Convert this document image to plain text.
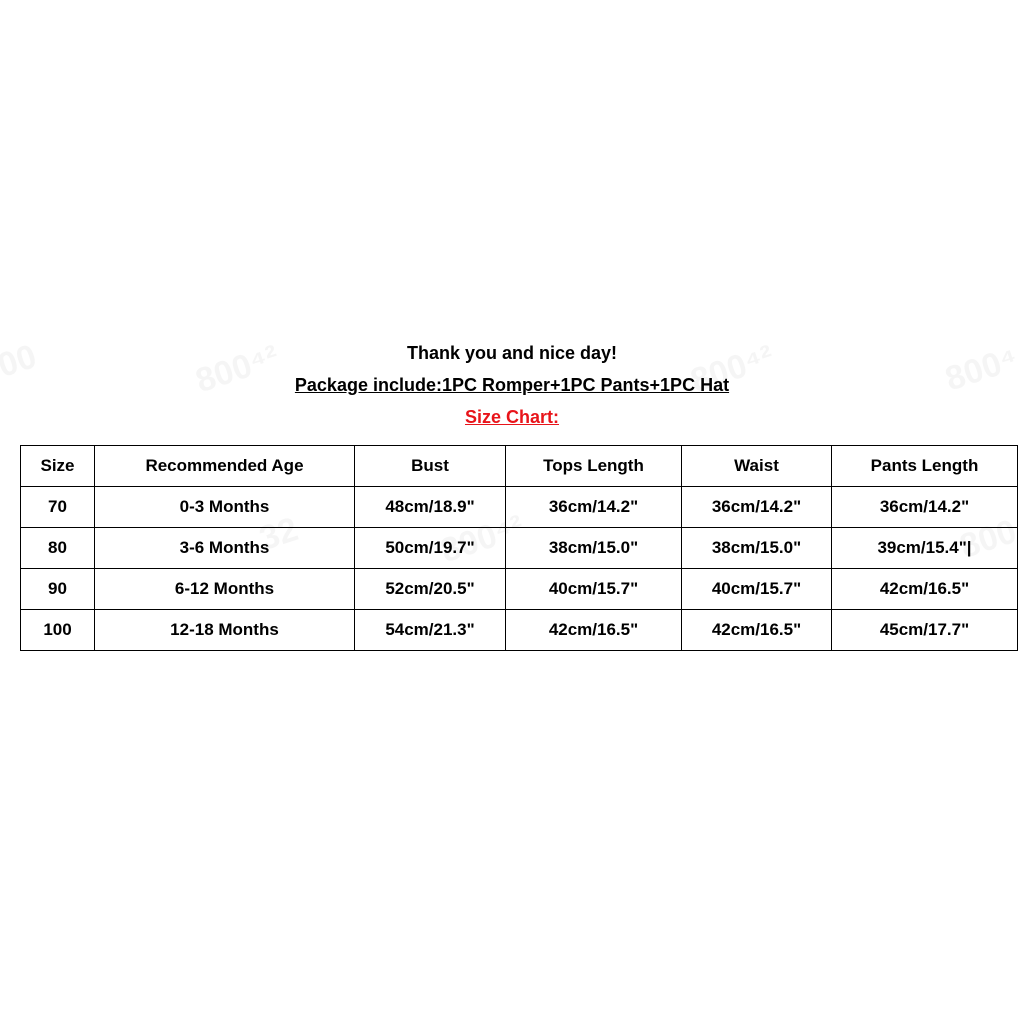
Thank you and nice day!
Package include:1PC Romper+1PC Pants+1PC Hat
Size Chart:
Size	Recommended Age	Bust	Tops Length	Waist	Pants Length
70	0-3 Months	48cm/18.9"	36cm/14.2"	36cm/14.2"	36cm/14.2"
80	3-6 Months	50cm/19.7"	38cm/15.0"	38cm/15.0"	39cm/15.4"|
90	6-12 Months	52cm/20.5"	40cm/15.7"	40cm/15.7"	42cm/16.5"
100	12-18 Months	54cm/21.3"	42cm/16.5"	42cm/16.5"	45cm/17.7"
